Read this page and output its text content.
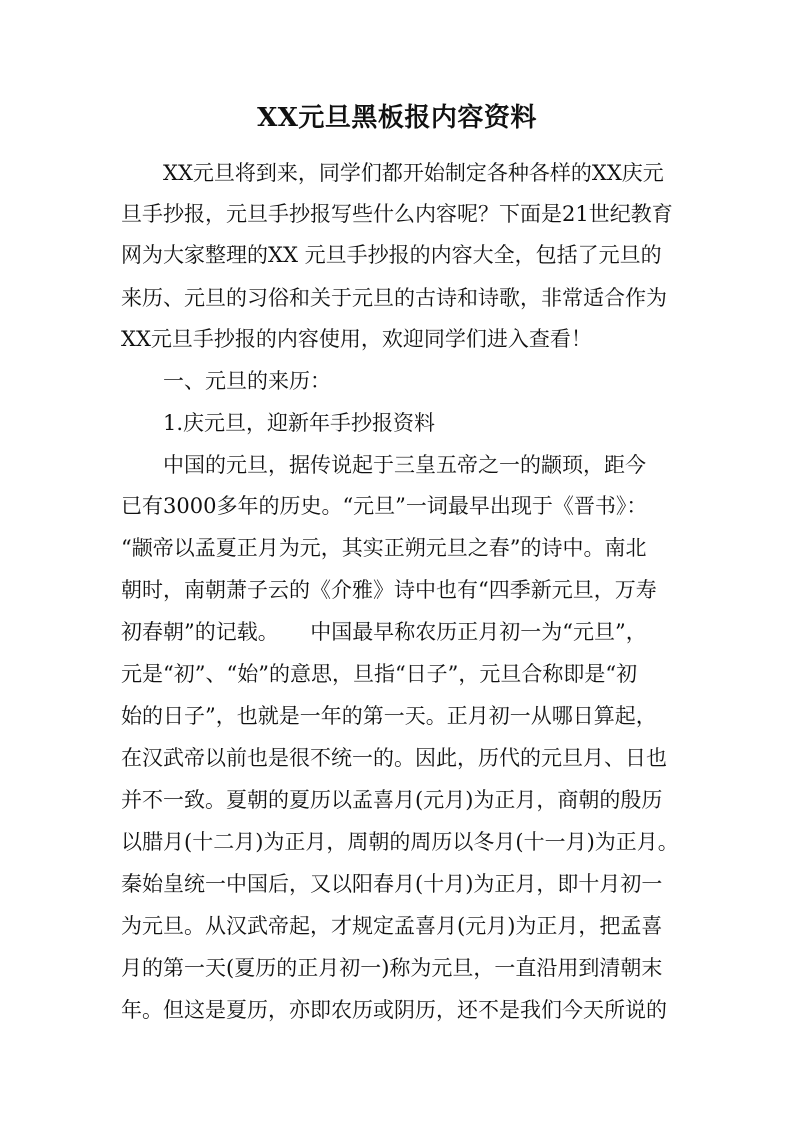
XX元旦黑板报内容资料

　　XX元旦将到来，同学们都开始制定各种各样的XX庆元

旦手抄报，元旦手抄报写些什么内容呢？下面是21世纪教育

网为大家整理的XX 元旦手抄报的内容大全，包括了元旦的

来历、元旦的习俗和关于元旦的古诗和诗歌，非常适合作为

XX元旦手抄报的内容使用，欢迎同学们进入查看！

　　一、元旦的来历：

　　1.庆元旦，迎新年手抄报资料

　　中国的元旦，据传说起于三皇五帝之一的颛顼，距今

已有3000多年的历史。“元旦”一词最早出现于《晋书》：

“颛帝以孟夏正月为元，其实正朔元旦之春”的诗中。南北

朝时，南朝萧子云的《介雅》诗中也有“四季新元旦，万寿

初春朝”的记载。　　中国最早称农历正月初一为“元旦”，

元是“初”、“始”的意思，旦指“日子”，元旦合称即是“初

始的日子”，也就是一年的第一天。正月初一从哪日算起，

在汉武帝以前也是很不统一的。因此，历代的元旦月、日也

并不一致。夏朝的夏历以孟喜月(元月)为正月，商朝的殷历

以腊月(十二月)为正月，周朝的周历以冬月(十一月)为正月。

秦始皇统一中国后，又以阳春月(十月)为正月，即十月初一

为元旦。从汉武帝起，才规定孟喜月(元月)为正月，把孟喜

月的第一天(夏历的正月初一)称为元旦，一直沿用到清朝末

年。但这是夏历，亦即农历或阴历，还不是我们今天所说的
